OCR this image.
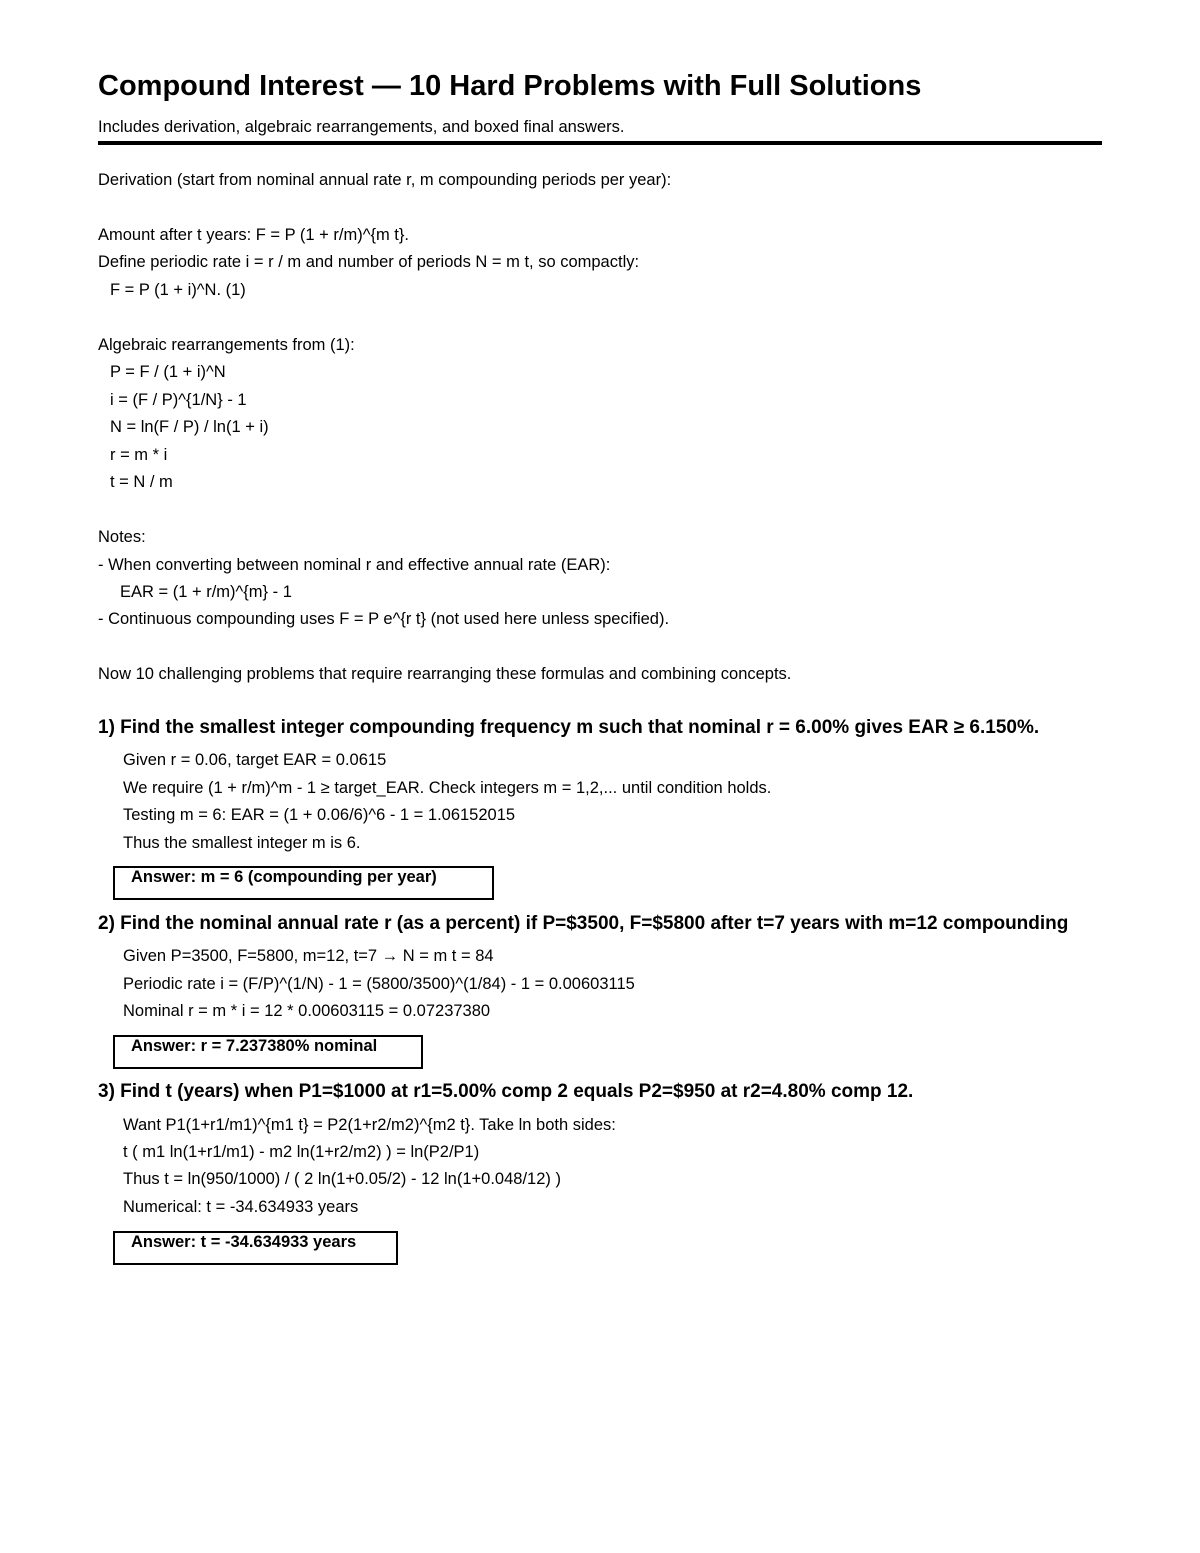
Compound Interest — 10 Hard Problems with Full Solutions
Includes derivation, algebraic rearrangements, and boxed final answers.
Derivation (start from nominal annual rate r, m compounding periods per year):
Amount after t years: F = P (1 + r/m)^{m t}.
Define periodic rate i = r / m and number of periods N = m t, so compactly:
F = P (1 + i)^N. (1)
Algebraic rearrangements from (1):
P = F / (1 + i)^N
i = (F / P)^{1/N} - 1
N = ln(F / P) / ln(1 + i)
r = m * i
t = N / m
Notes:
- When converting between nominal r and effective annual rate (EAR):
EAR = (1 + r/m)^{m} - 1
- Continuous compounding uses F = P e^{r t} (not used here unless specified).
Now 10 challenging problems that require rearranging these formulas and combining concepts.
1) Find the smallest integer compounding frequency m such that nominal r = 6.00% gives EAR ≥ 6.150%.
Given r = 0.06, target EAR = 0.0615
We require (1 + r/m)^m - 1 ≥ target_EAR. Check integers m = 1,2,... until condition holds.
Testing m = 6: EAR = (1 + 0.06/6)^6 - 1 = 1.06152015
Thus the smallest integer m is 6.
Answer: m = 6 (compounding per year)
2) Find the nominal annual rate r (as a percent) if P=$3500, F=$5800 after t=7 years with m=12 compounding
Given P=3500, F=5800, m=12, t=7 → N = m t = 84
Periodic rate i = (F/P)^(1/N) - 1 = (5800/3500)^(1/84) - 1 = 0.00603115
Nominal r = m * i = 12 * 0.00603115 = 0.07237380
Answer: r = 7.237380% nominal
3) Find t (years) when P1=$1000 at r1=5.00% comp 2 equals P2=$950 at r2=4.80% comp 12.
Want P1(1+r1/m1)^{m1 t} = P2(1+r2/m2)^{m2 t}. Take ln both sides:
t ( m1 ln(1+r1/m1) - m2 ln(1+r2/m2) ) = ln(P2/P1)
Thus t = ln(950/1000) / ( 2 ln(1+0.05/2) - 12 ln(1+0.048/12) )
Numerical: t = -34.634933 years
Answer: t = -34.634933 years
